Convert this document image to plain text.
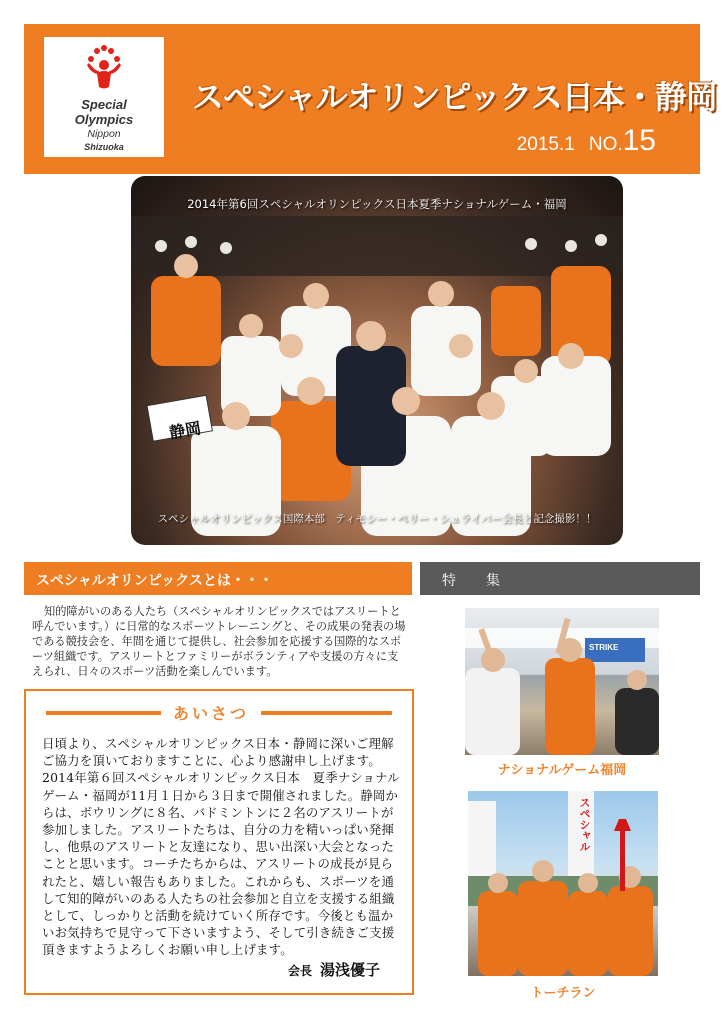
Special
Olympics
Nippon
Shizuoka
スペシャルオリンピックス日本・静岡
2015.1 NO.15
静岡
2014年第6回スペシャルオリンピックス日本夏季ナショナルゲーム・福岡
スペシャルオリンピックス国際本部　ティモシー・ペリー・シュライバー会長と記念撮影！！
スペシャルオリンピックスとは・・・

知的障がいのある人たち（スペシャルオリンピックスではアスリートと呼んでいます。）に日常的なスポーツトレーニングと、その成果の発表の場である競技会を、年間を通じて提供し、社会参加を応援する国際的なスポーツ組織です。アスリートとファミリーがボランティアや支援の方々に支えられ、日々のスポーツ活動を楽しんでいます。

あいさつ
日頃より、スペシャルオリンピックス日本・静岡に深いご理解ご協力を頂いておりますことに、心より感謝申し上げます。2014年第６回スペシャルオリンピックス日本　夏季ナショナルゲーム・福岡が11月１日から３日まで開催されました。静岡からは、ボウリングに８名、バドミントンに２名のアスリートが参加しました。アスリートたちは、自分の力を精いっぱい発揮し、他県のアスリートと友達になり、思い出深い大会となったことと思います。コーチたちからは、アスリートの成長が見られたと、嬉しい報告もありました。これからも、スポーツを通して知的障がいのある人たちの社会参加と自立を支援する組織として、しっかりと活動を続けていく所存です。今後とも温かいお気持ちで見守って下さいますよう、そして引き続きご支援頂きますようよろしくお願い申し上げます。
会長 湯浅優子
特　集
STRIKE
ナショナルゲーム福岡
スペシャル
トーチラン
